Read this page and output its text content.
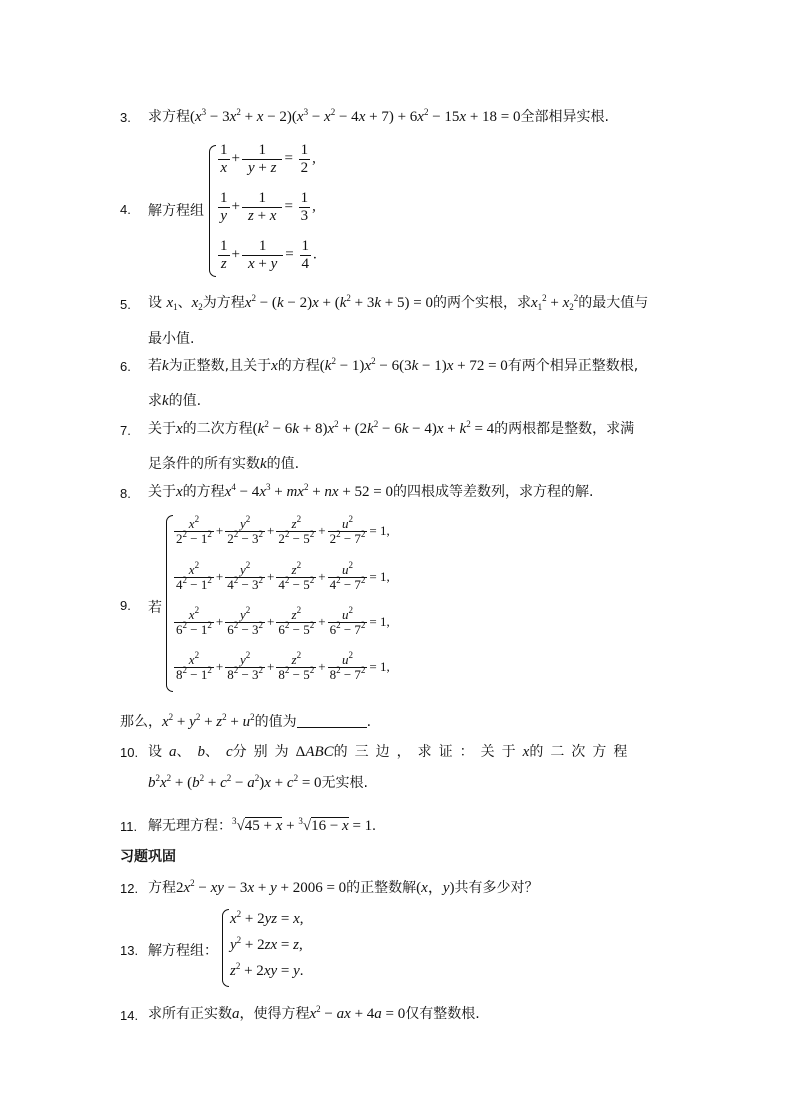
3. 求方程$(x^3 - 3x^2 + x - 2)(x^3 - x^2 - 4x + 7) + 6x^2 - 15x + 18 = 0$全部相异实根.
4. 解方程组
$\frac{1}{x} + \frac{1}{y + z} = \frac{1}{2}$ ,
$\frac{1}{y} + \frac{1}{z + x} = \frac{1}{3}$ ,
$\frac{1}{z} + \frac{1}{x + y} = \frac{1}{4}$ .
5. 设 $x_1$、$x_2$为方程$x^2 - (k - 2)x + (k^2 + 3k + 5) = 0$的两个实根，求$x_1^2 + x_2^2$的最大值与
最小值.
6. 若k为正整数,且关于x的方程$(k^2 - 1)x^2 - 6(3k - 1)x + 72 = 0$有两个相异正整数根,
求k的值.
7. 关于x的二次方程$(k^2 - 6k + 8)x^2 + (2k^2 - 6k - 4)x + k^2 = 4$的两根都是整数，求满
足条件的所有实数k的值.
8. 关于x的方程$x^4 - 4x^3 + mx^2$ + nx + 52 = 0的四根成等差数列，求方程的解.
9. 若
$\frac{x^2}{2^2 - 1^2} + \frac{y^2}{2^2 - 3^2} + \frac{z^2}{2^2 - 5^2} + \frac{u^2}{2^2 - 7^2} = 1$,
$\frac{x^2}{4^2 - 1^2} + \frac{y^2}{4^2 - 3^2} + \frac{z^2}{4^2 - 5^2} + \frac{u^2}{4^2 - 7^2} = 1$,
$\frac{x^2}{6^2 - 1^2} + \frac{y^2}{6^2 - 3^2} + \frac{z^2}{6^2 - 5^2} + \frac{u^2}{6^2 - 7^2} = 1$,
$\frac{x^2}{8^2 - 1^2} + \frac{y^2}{8^2 - 3^2} + \frac{z^2}{8^2 - 5^2} + \frac{u^2}{8^2 - 7^2} = 1$,
那么，$x^2 + y^2 + z^2 + u^2$的值为	.
10. 设a、b、c分别为ΔABC的三边，求证：关于x的二次方程
$b^2x^2 + (b^2 + c^2 - a^2)x + c^2 = 0$无实根.
11. 解无理方程：$^3$√45 + x + $^3$√16 − x = 1.
习题巩固
12. 方程$2x^2$ − xy − 3x + y + 2006 = 0的正整数解(x，y)共有多少对？
13. 解方程组：
$x^2 + 2yz = x$,
$y^2 + 2zx = z$,
$z^2 + 2xy = y$.
14. 求所有正实数a，使得方程$x^2$ − ax + 4a = 0仅有整数根.
